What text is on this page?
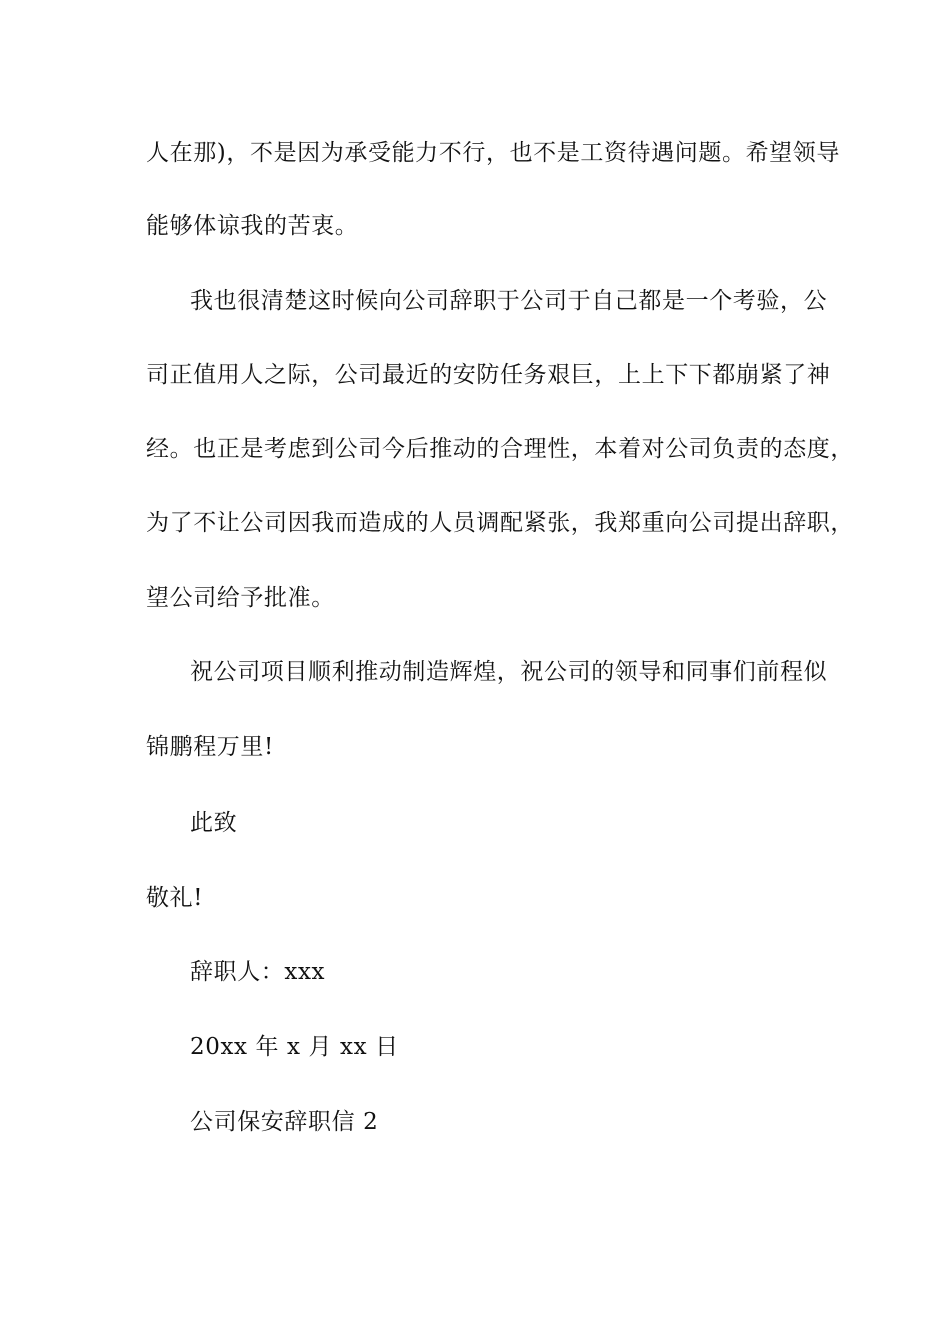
人在那)，不是因为承受能力不行，也不是工资待遇问题。希望领导
能够体谅我的苦衷。
我也很清楚这时候向公司辞职于公司于自己都是一个考验，公
司正值用人之际，公司最近的安防任务艰巨，上上下下都崩紧了神
经。也正是考虑到公司今后推动的合理性，本着对公司负责的态度，
为了不让公司因我而造成的人员调配紧张，我郑重向公司提出辞职，
望公司给予批准。
祝公司项目顺利推动制造辉煌，祝公司的领导和同事们前程似
锦鹏程万里!
此致
敬礼!
辞职人：xxx
20xx 年 x 月 xx 日
公司保安辞职信 2
